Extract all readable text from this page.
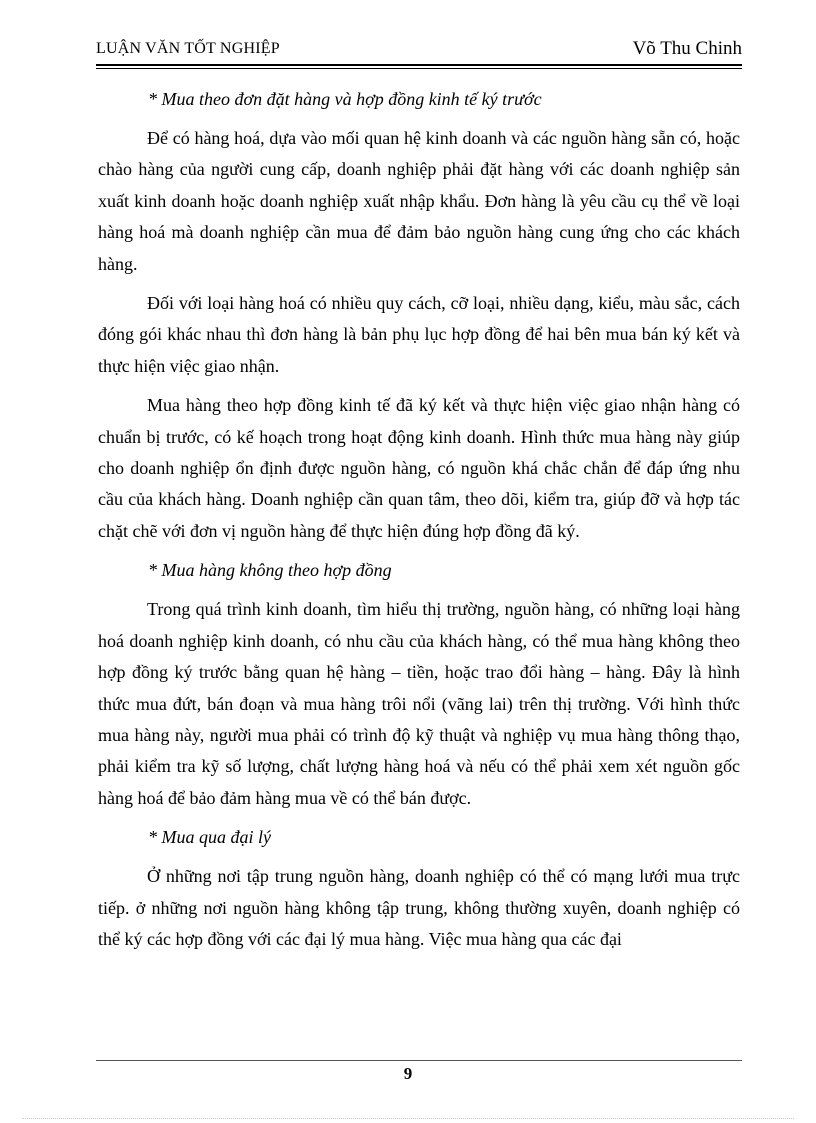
LUẬN VĂN TỐT NGHIỆP	Võ Thu Chinh

* Mua theo đơn đặt hàng và hợp đồng kinh tế ký trước

Để có hàng hoá, dựa vào mối quan hệ kinh doanh và các nguồn hàng sẵn có, hoặc chào hàng của người cung cấp, doanh nghiệp phải đặt hàng với các doanh nghiệp sản xuất kinh doanh hoặc doanh nghiệp xuất nhập khẩu. Đơn hàng là yêu cầu cụ thể về loại hàng hoá mà doanh nghiệp cần mua để đảm bảo nguồn hàng cung ứng cho các khách hàng.

Đối với loại hàng hoá có nhiều quy cách, cỡ loại, nhiều dạng, kiểu, màu sắc, cách đóng gói khác nhau thì đơn hàng là bản phụ lục hợp đồng để hai bên mua bán ký kết và thực hiện việc giao nhận.

Mua hàng theo hợp đồng kinh tế đã ký kết và thực hiện việc giao nhận hàng có chuẩn bị trước, có kế hoạch trong hoạt động kinh doanh. Hình thức mua hàng này giúp cho doanh nghiệp ổn định được nguồn hàng, có nguồn khá chắc chắn để đáp ứng nhu cầu của khách hàng. Doanh nghiệp cần quan tâm, theo dõi, kiểm tra, giúp đỡ và hợp tác chặt chẽ với đơn vị nguồn hàng để thực hiện đúng hợp đồng đã ký.

* Mua hàng không theo hợp đồng

Trong quá trình kinh doanh, tìm hiểu thị trường, nguồn hàng, có những loại hàng hoá doanh nghiệp kinh doanh, có nhu cầu của khách hàng, có thể mua hàng không theo hợp đồng ký trước bằng quan hệ hàng – tiền, hoặc trao đổi hàng – hàng. Đây là hình thức mua đứt, bán đoạn và mua hàng trôi nổi (vãng lai) trên thị trường. Với hình thức mua hàng này, người mua phải có trình độ kỹ thuật và nghiệp vụ mua hàng thông thạo, phải kiểm tra kỹ số lượng, chất lượng hàng hoá và nếu có thể phải xem xét nguồn gốc hàng hoá để bảo đảm hàng mua về có thể bán được.

* Mua qua đại lý

Ở những nơi tập trung nguồn hàng, doanh nghiệp có thể có mạng lưới mua trực tiếp. ở những nơi nguồn hàng không tập trung, không thường xuyên, doanh nghiệp có thể ký các hợp đồng với các đại lý mua hàng. Việc mua hàng qua các đại

9
